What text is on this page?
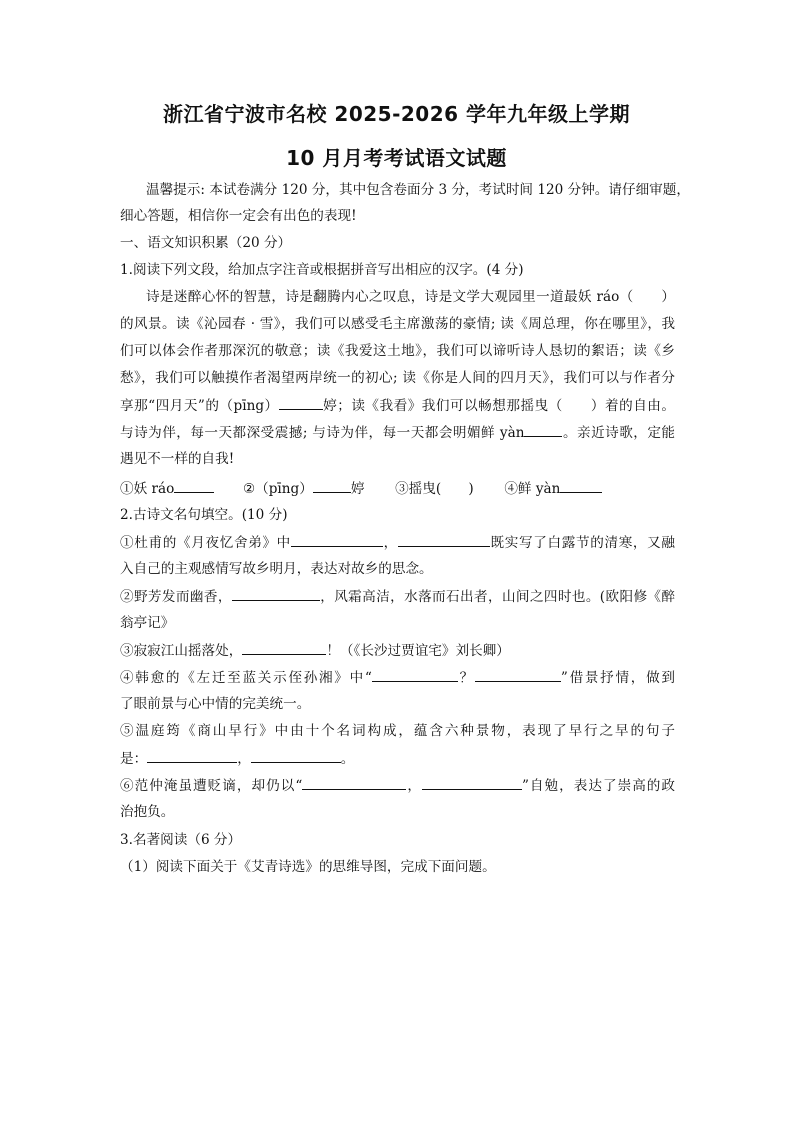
浙江省宁波市名校 2025-2026 学年九年级上学期
10 月月考考试语文试题
温馨提示: 本试卷满分 120 分，其中包含卷面分 3 分，考试时间 120 分钟。请仔细审题，
细心答题，相信你一定会有出色的表现!
一、语文知识积累（20 分）
1.阅读下列文段，给加点字注音或根据拼音写出相应的汉字。(4 分)
诗是迷醉心怀的智慧，诗是翻腾内心之叹息，诗是文学大观园里一道最妖 ráo（　　）
的风景。读《沁园春 · 雪》，我们可以感受毛主席激荡的豪情; 读《周总理，你在哪里》，我
们可以体会作者那深沉的敬意；读《我爱这土地》，我们可以谛听诗人恳切的絮语；读《乡
愁》，我们可以触摸作者渴望两岸统一的初心; 读《你是人间的四月天》，我们可以与作者分
享那“四月天”的（pīng）	婷；读《我看》我们可以畅想那摇曳（　　）着的自由。
与诗为伴，每一天都深受震撼; 与诗为伴，每一天都会明媚鲜 yàn	。亲近诗歌，定能
遇见不一样的自我!
①妖 ráo	②（pīng）	婷 ③摇曳(　　) ④鲜 yàn
2.古诗文名句填空。(10 分)
①杜甫的《月夜忆舍弟》中	，	既实写了白露节的清寒，又融
入自己的主观感情写故乡明月，表达对故乡的思念。
②野芳发而幽香，	，风霜高洁，水落而石出者，山间之四时也。(欧阳修《醉
翁亭记》
③寂寂江山摇落处，	！（《长沙过贾谊宅》刘长卿）
④韩愈的《左迁至蓝关示侄孙湘》中“	？	”借景抒情，做到
了眼前景与心中情的完美统一。
⑤温庭筠《商山早行》中由十个名词构成，蕴含六种景物，表现了早行之早的句子
是：	，	。
⑥范仲淹虽遭贬谪，却仍以“	，	”自勉，表达了崇高的政
治抱负。
3.名著阅读（6 分）
（1）阅读下面关于《艾青诗选》的思维导图，完成下面问题。
